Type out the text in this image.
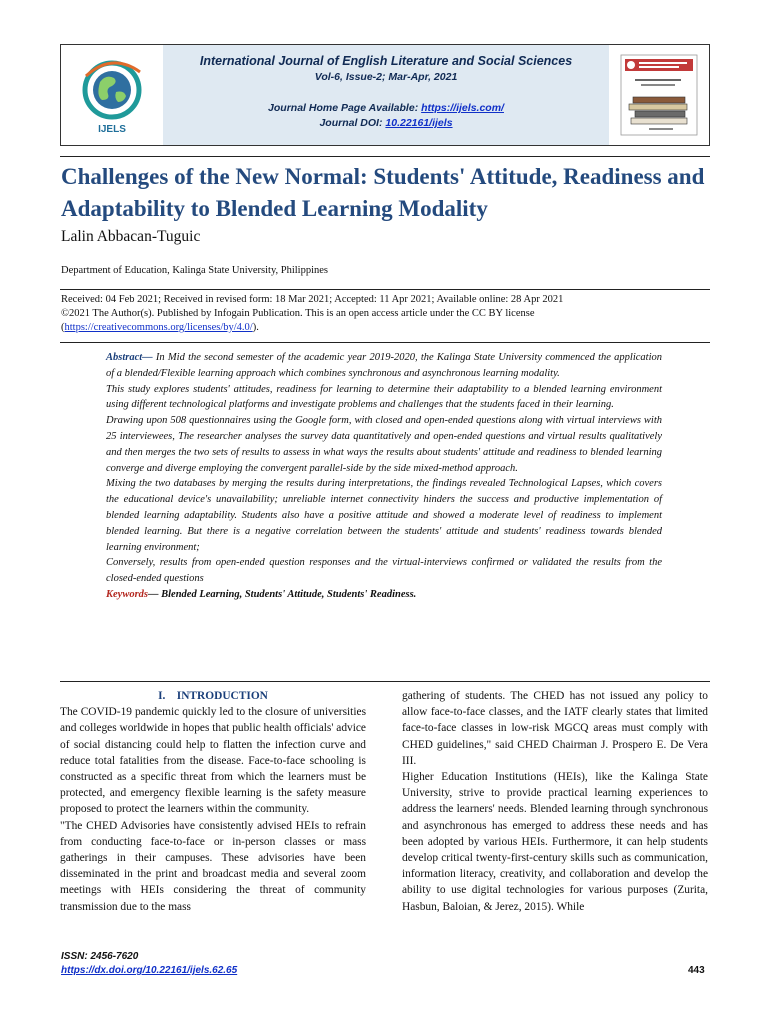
IJELS
International Journal of English Literature and Social Sciences
Vol-6, Issue-2; Mar-Apr, 2021
Journal Home Page Available: https://ijels.com/
Journal DOI: 10.22161/ijels
Challenges of the New Normal: Students' Attitude, Readiness and Adaptability to Blended Learning Modality
Lalin Abbacan-Tuguic
Department of Education, Kalinga State University, Philippines
Received: 04 Feb 2021; Received in revised form: 18 Mar 2021; Accepted: 11 Apr 2021; Available online: 28 Apr 2021
©2021 The Author(s). Published by Infogain Publication. This is an open access article under the CC BY license
(https://creativecommons.org/licenses/by/4.0/).

Abstract— In Mid the second semester of the academic year 2019-2020, the Kalinga State University commenced the application of a blended/Flexible learning approach which combines synchronous and asynchronous learning modality.

This study explores students' attitudes, readiness for learning to determine their adaptability to a blended learning environment using different technological platforms and investigate problems and challenges that the students faced in their learning.

Drawing upon 508 questionnaires using the Google form, with closed and open-ended questions along with virtual interviews with 25 interviewees, The researcher analyses the survey data quantitatively and open-ended questions and virtual results qualitatively and then merges the two sets of results to assess in what ways the results about students' attitude and readiness to blended learning converge and diverge employing the convergent parallel-side by the side mixed-method approach.

Mixing the two databases by merging the results during interpretations, the findings revealed Technological Lapses, which covers the educational device's unavailability; unreliable internet connectivity hinders the success and productive implementation of blended learning adaptability. Students also have a positive attitude and showed a moderate level of readiness to implement blended learning. But there is a negative correlation between the students' attitude and students' readiness towards blended learning environment;

Conversely, results from open-ended question responses and the virtual-interviews confirmed or validated the results from the closed-ended questions

Keywords— Blended Learning, Students' Attitude, Students' Readiness.

I.    INTRODUCTION

The COVID-19 pandemic quickly led to the closure of universities and colleges worldwide in hopes that public health officials' advice of social distancing could help to flatten the infection curve and reduce total fatalities from the disease. Face-to-face schooling is constructed as a specific threat from which the learners must be protected, and emergency flexible learning is the safety measure proposed to protect the learners within the community.

"The CHED Advisories have consistently advised HEIs to refrain from conducting face-to-face or in-person classes or mass gatherings in their campuses. These advisories have been disseminated in the print and broadcast media and several zoom meetings with HEIs considering the threat of community transmission due to the mass

gathering of students. The CHED has not issued any policy to allow face-to-face classes, and the IATF clearly states that limited face-to-face classes in low-risk MGCQ areas must comply with CHED guidelines," said CHED Chairman J. Prospero E. De Vera III.

Higher Education Institutions (HEIs), like the Kalinga State University, strive to provide practical learning experiences to address the learners' needs. Blended learning through synchronous and asynchronous has emerged to address these needs and has been adopted by various HEIs. Furthermore, it can help students develop critical twenty-first-century skills such as communication, information literacy, creativity, and collaboration and develop the ability to use digital technologies for various purposes (Zurita, Hasbun, Baloian, & Jerez, 2015). While

ISSN: 2456-7620
https://dx.doi.org/10.22161/ijels.62.65	443
